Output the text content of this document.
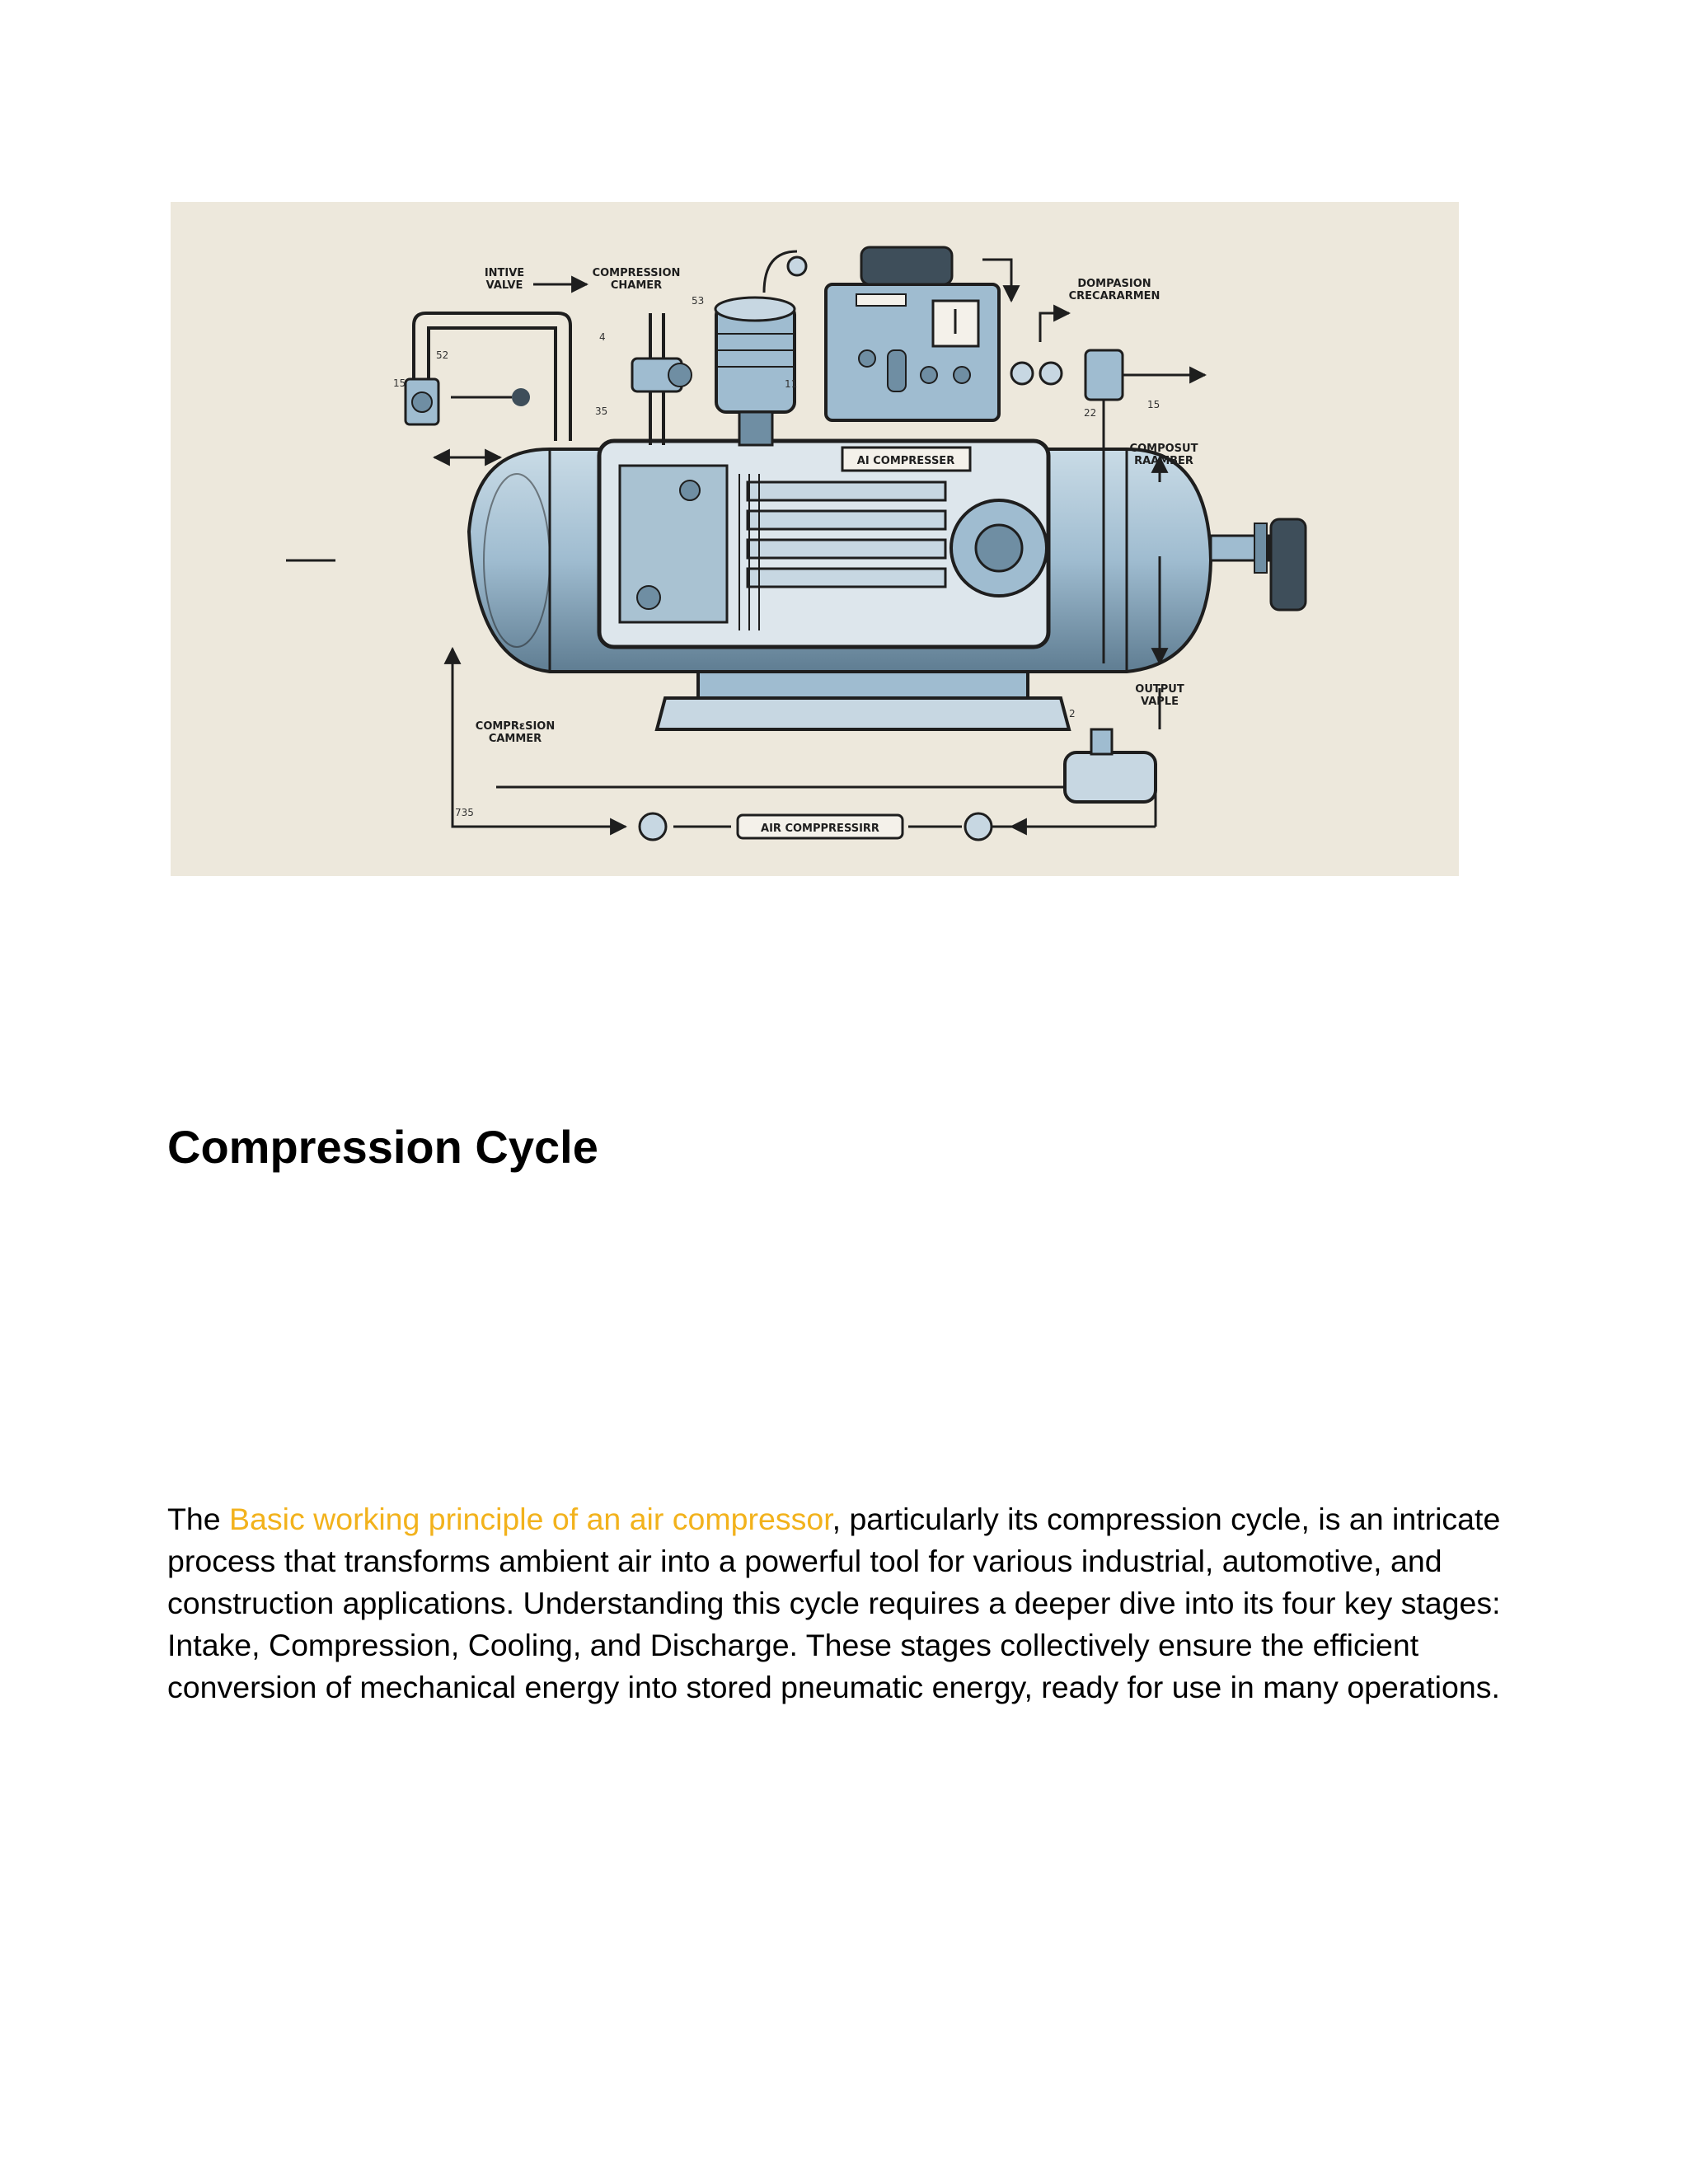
AI COMPRESSER
AIR COMPPRESSIRR
INTIVE
VALVE
COMPRESSION
CHAMER	DOMPASION
CRECARARMEN
COMPOSUT
RAAMBER
OUTPUT
VAPLE
COMPRεSION
CAMMER
52
15
53
4
35
11
22
15
735
2
Compression Cycle

The Basic working principle of an air compressor, particularly its compression cycle, is an intricate process that transforms ambient air into a powerful tool for various industrial, automotive, and construction applications. Understanding this cycle requires a deeper dive into its four key stages: Intake, Compression, Cooling, and Discharge. These stages collectively ensure the efficient conversion of mechanical energy into stored pneumatic energy, ready for use in many operations.
